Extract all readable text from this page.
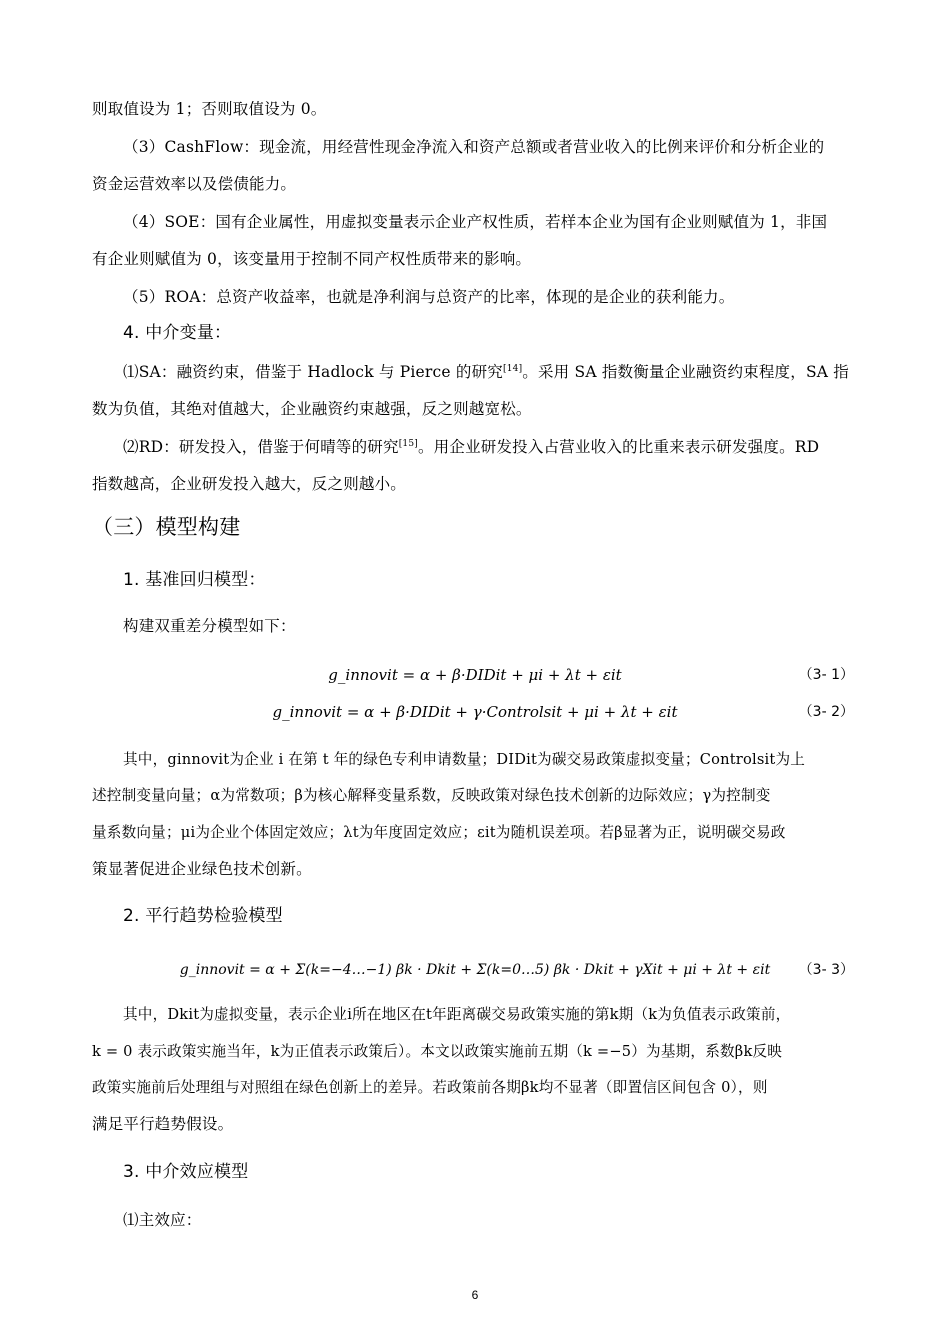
则取值设为 1；否则取值设为 0。
（3）CashFlow：现金流，用经营性现金净流入和资产总额或者营业收入的比例来评价和分析企业的
资金运营效率以及偿债能力。
（4）SOE：国有企业属性，用虚拟变量表示企业产权性质，若样本企业为国有企业则赋值为 1，非国
有企业则赋值为 0，该变量用于控制不同产权性质带来的影响。
（5）ROA：总资产收益率，也就是净利润与总资产的比率，体现的是企业的获利能力。
4. 中介变量：
⑴SA：融资约束，借鉴于 Hadlock 与 Pierce 的研究[14]。采用 SA 指数衡量企业融资约束程度，SA 指
数为负值，其绝对值越大，企业融资约束越强，反之则越宽松。
⑵RD：研发投入，借鉴于何晴等的研究[15]。用企业研发投入占营业收入的比重来表示研发强度。RD
指数越高，企业研发投入越大，反之则越小。
（三）模型构建
1. 基准回归模型：
构建双重差分模型如下：
g_innovit = α + β·DIDit + μi + λt + εit	（3- 1）
g_innovit = α + β·DIDit + γ·Controlsit + μi + λt + εit	（3- 2）
其中，ginnovit为企业 i 在第 t 年的绿色专利申请数量；DIDit为碳交易政策虚拟变量；Controlsit为上
述控制变量向量；α为常数项；β为核心解释变量系数，反映政策对绿色技术创新的边际效应；γ为控制变
量系数向量；μi为企业个体固定效应；λt为年度固定效应；εit为随机误差项。若β显著为正，说明碳交易政
策显著促进企业绿色技术创新。
2. 平行趋势检验模型
g_innovit = α + Σ(k=−4…−1) βk · Dkit + Σ(k=0…5) βk · Dkit + γXit + μi + λt + εit	（3- 3）
其中，Dkit为虚拟变量，表示企业i所在地区在t年距离碳交易政策实施的第k期（k为负值表示政策前，
k = 0 表示政策实施当年，k为正值表示政策后）。本文以政策实施前五期（k =−5）为基期，系数βk反映
政策实施前后处理组与对照组在绿色创新上的差异。若政策前各期βk均不显著（即置信区间包含 0），则
满足平行趋势假设。
3. 中介效应模型
⑴主效应：
6
